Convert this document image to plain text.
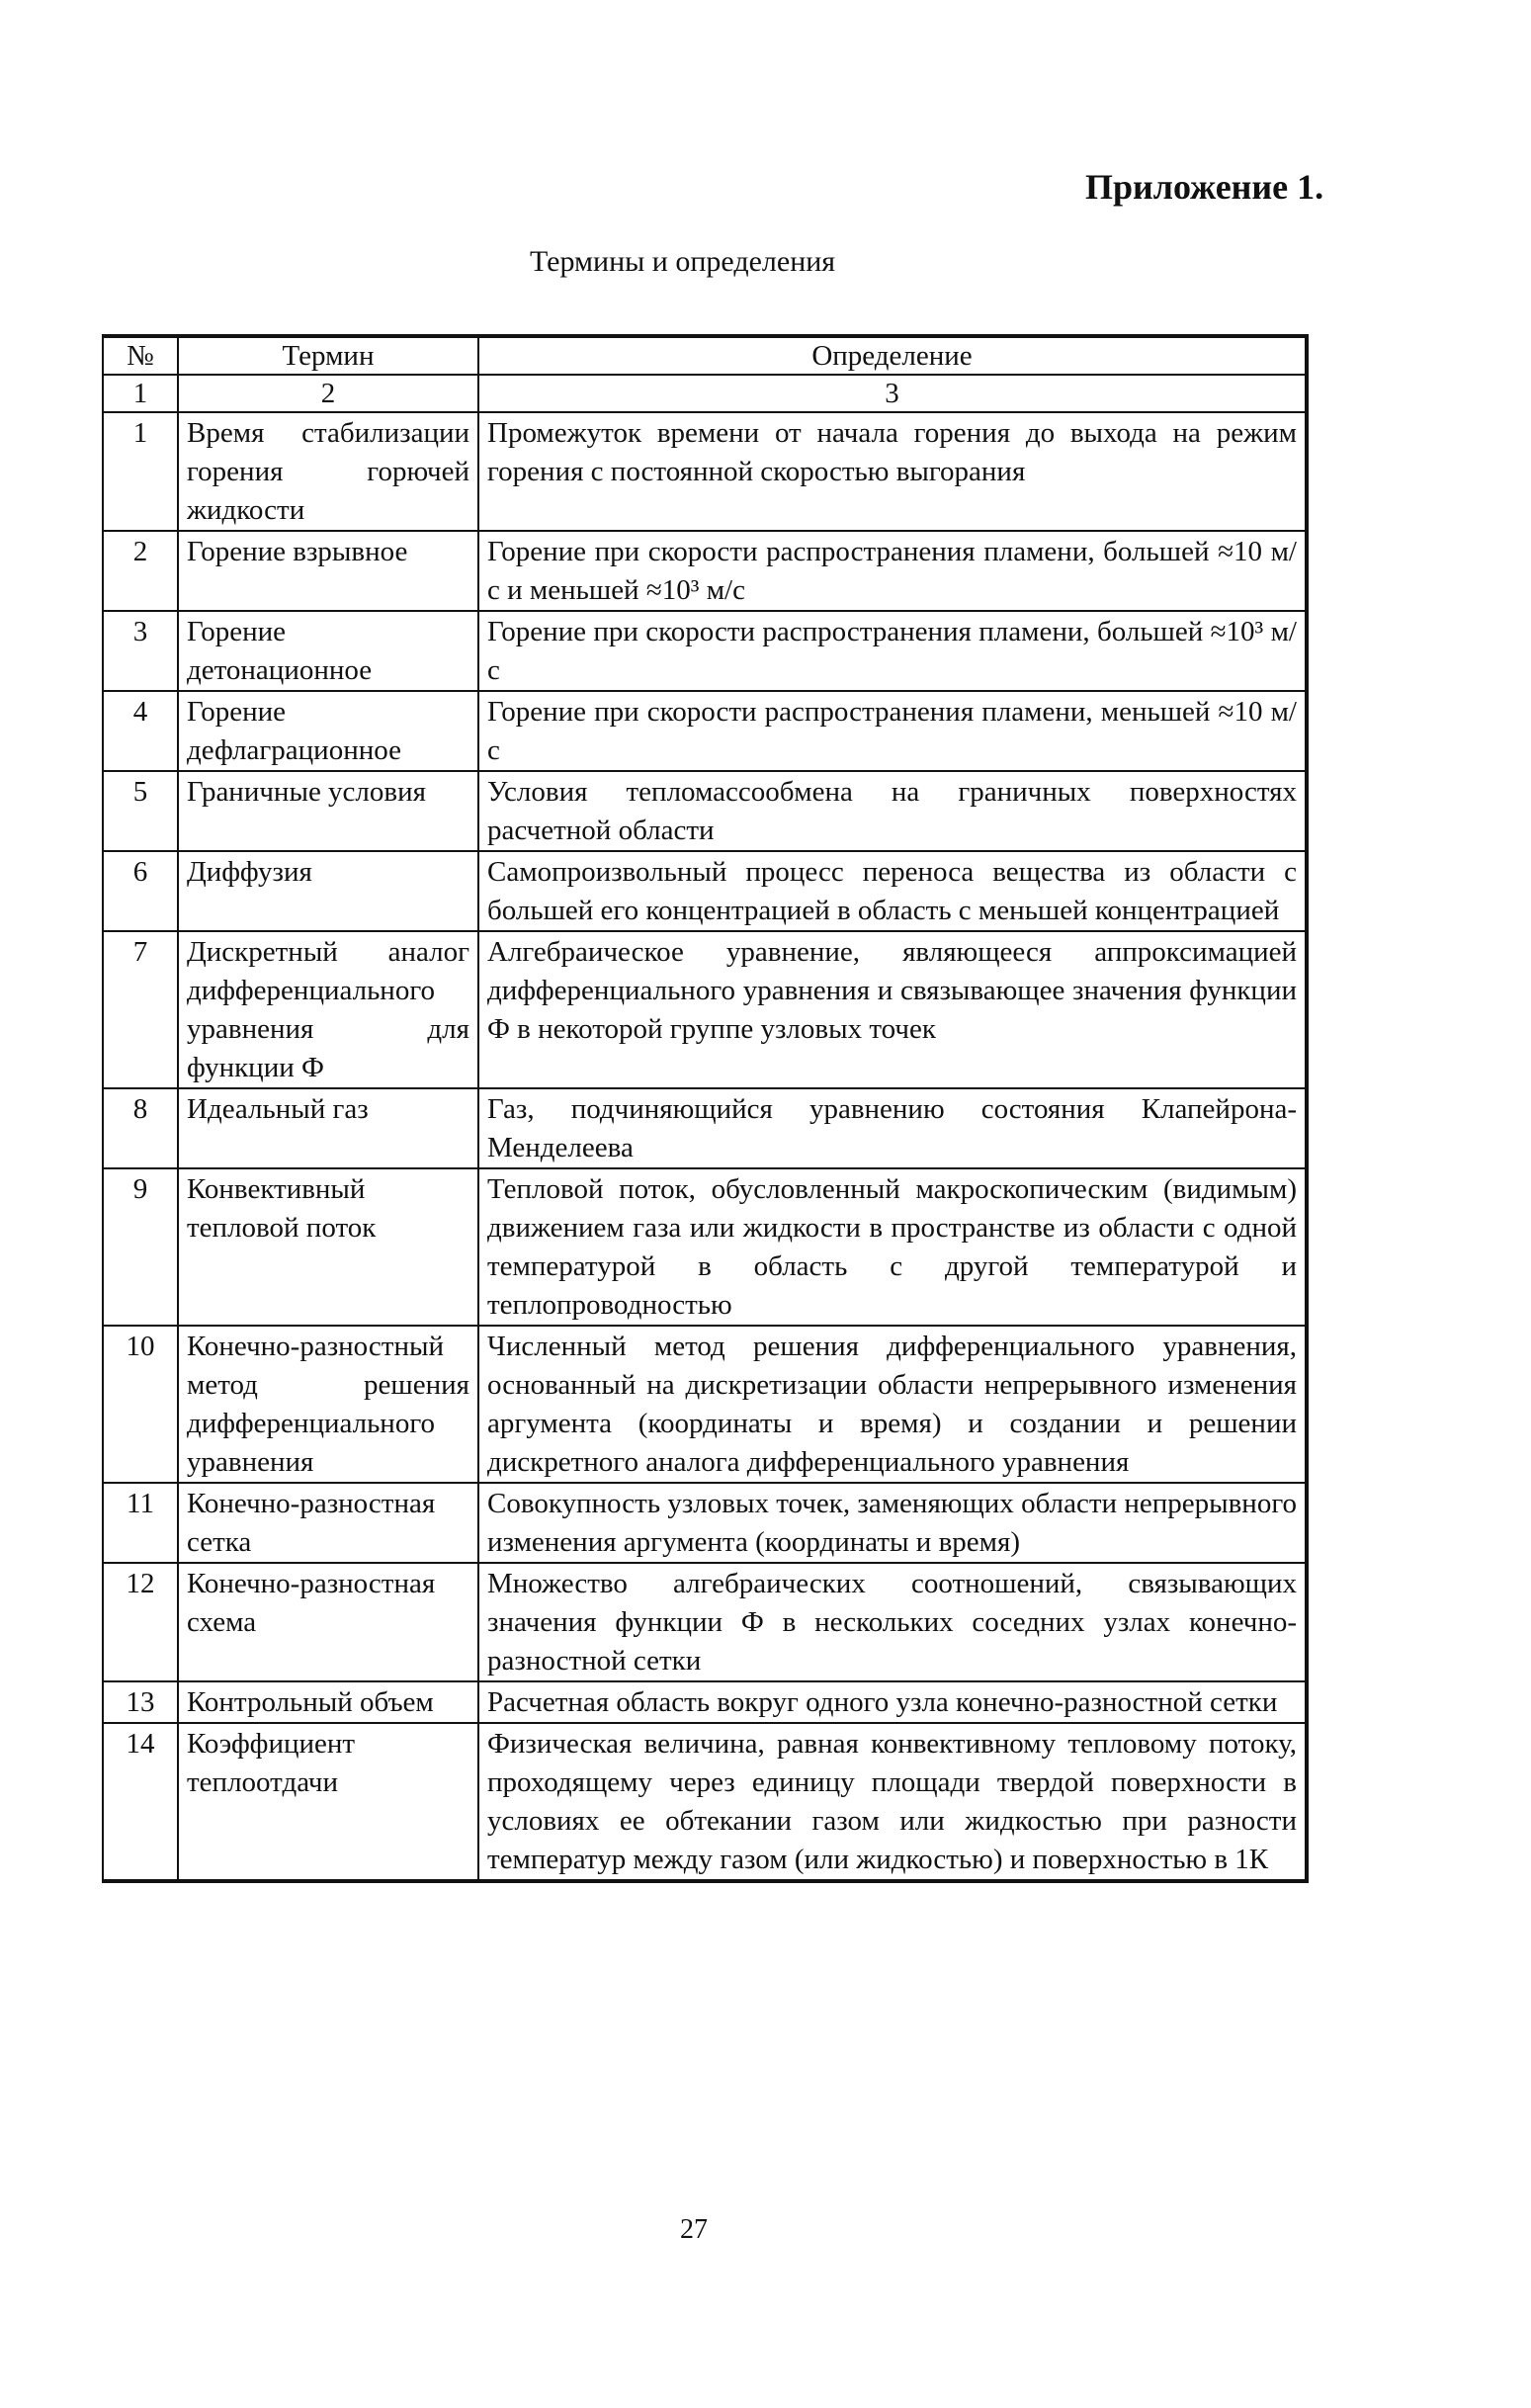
Приложение 1.
Термины и определения
№	Термин	Определение
1	2	3
1	Время стабилизации горения горючей жидкости	Промежуток времени от начала горения до выхода на режим горения с постоянной скоростью выгорания
2	Горение взрывное	Горение при скорости распространения пламени, большей ≈10 м/с и меньшей ≈10³ м/с
3	Горение детонационное	Горение при скорости распространения пламени, большей ≈10³ м/с
4	Горение дефлаграционное	Горение при скорости распространения пламени, меньшей ≈10 м/с
5	Граничные условия	Условия тепломассообмена на граничных поверхностях расчетной области
6	Диффузия	Самопроизвольный процесс переноса вещества из области с большей его концентрацией в область с меньшей концентрацией
7	Дискретный аналог дифференциального уравнения для функции Ф	Алгебраическое уравнение, являющееся аппроксимацией дифференциального уравнения и связывающее значения функции Ф в некоторой группе узловых точек
8	Идеальный газ	Газ, подчиняющийся уравнению состояния Клапейрона-Менделеева
9	Конвективный тепловой поток	Тепловой поток, обусловленный макроскопическим (видимым) движением газа или жидкости в пространстве из области с одной температурой в область с другой температурой и теплопроводностью
10	Конечно-разностный метод решения дифференциального уравнения	Численный метод решения дифференциального уравнения, основанный на дискретизации области непрерывного изменения аргумента (координаты и время) и создании и решении дискретного аналога дифференциального уравнения
11	Конечно-разностная сетка	Совокупность узловых точек, заменяющих области непрерывного изменения аргумента (координаты и время)
12	Конечно-разностная схема	Множество алгебраических соотношений, связывающих значения функции Ф в нескольких соседних узлах конечно-разностной сетки
13	Контрольный объем	Расчетная область вокруг одного узла конечно-разностной сетки
14	Коэффициент теплоотдачи	Физическая величина, равная конвективному тепловому потоку, проходящему через единицу площади твердой поверхности в условиях ее обтекании газом или жидкостью при разности температур между газом (или жидкостью) и поверхностью в 1К
27
